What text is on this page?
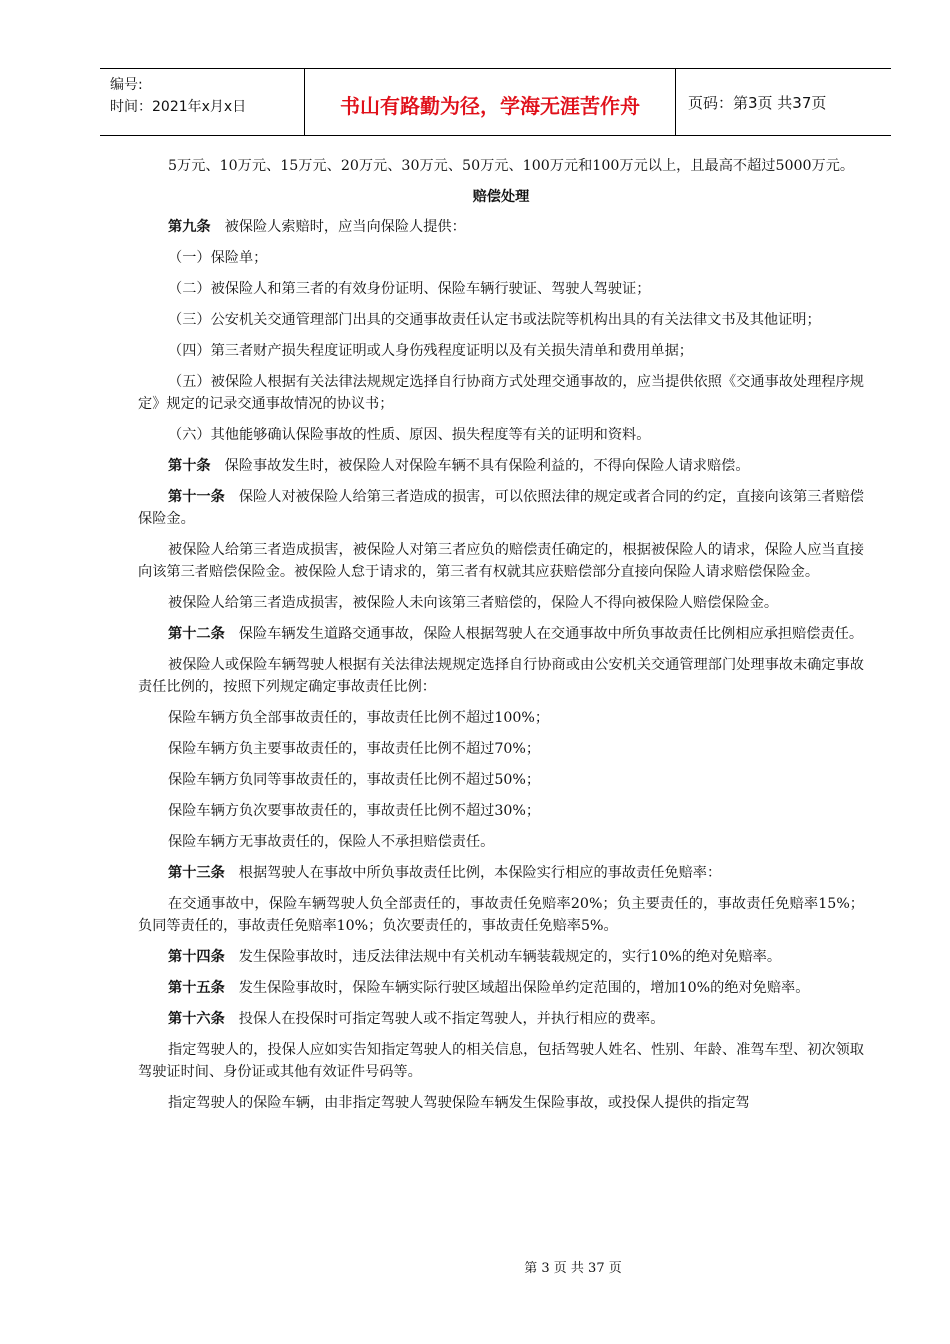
编号:
时间：2021年x月x日	书山有路勤为径，学海无涯苦作舟	页码：第3页 共37页

5万元、10万元、15万元、20万元、30万元、50万元、100万元和100万元以上，且最高不超过5000万元。

赔偿处理

第九条 被保险人索赔时，应当向保险人提供：

（一）保险单；

（二）被保险人和第三者的有效身份证明、保险车辆行驶证、驾驶人驾驶证；

（三）公安机关交通管理部门出具的交通事故责任认定书或法院等机构出具的有关法律文书及其他证明；

（四）第三者财产损失程度证明或人身伤残程度证明以及有关损失清单和费用单据；

（五）被保险人根据有关法律法规规定选择自行协商方式处理交通事故的，应当提供依照《交通事故处理程序规定》规定的记录交通事故情况的协议书；

（六）其他能够确认保险事故的性质、原因、损失程度等有关的证明和资料。

第十条 保险事故发生时，被保险人对保险车辆不具有保险利益的，不得向保险人请求赔偿。

第十一条 保险人对被保险人给第三者造成的损害，可以依照法律的规定或者合同的约定，直接向该第三者赔偿保险金。

被保险人给第三者造成损害，被保险人对第三者应负的赔偿责任确定的，根据被保险人的请求，保险人应当直接向该第三者赔偿保险金。被保险人怠于请求的，第三者有权就其应获赔偿部分直接向保险人请求赔偿保险金。

被保险人给第三者造成损害，被保险人未向该第三者赔偿的，保险人不得向被保险人赔偿保险金。

第十二条 保险车辆发生道路交通事故，保险人根据驾驶人在交通事故中所负事故责任比例相应承担赔偿责任。

被保险人或保险车辆驾驶人根据有关法律法规规定选择自行协商或由公安机关交通管理部门处理事故未确定事故责任比例的，按照下列规定确定事故责任比例：

保险车辆方负全部事故责任的，事故责任比例不超过100%；

保险车辆方负主要事故责任的，事故责任比例不超过70%；

保险车辆方负同等事故责任的，事故责任比例不超过50%；

保险车辆方负次要事故责任的，事故责任比例不超过30%；

保险车辆方无事故责任的，保险人不承担赔偿责任。

第十三条 根据驾驶人在事故中所负事故责任比例，本保险实行相应的事故责任免赔率：

在交通事故中，保险车辆驾驶人负全部责任的，事故责任免赔率20%；负主要责任的，事故责任免赔率15%；负同等责任的，事故责任免赔率10%；负次要责任的，事故责任免赔率5%。

第十四条 发生保险事故时，违反法律法规中有关机动车辆装载规定的，实行10%的绝对免赔率。

第十五条 发生保险事故时，保险车辆实际行驶区域超出保险单约定范围的，增加10%的绝对免赔率。

第十六条 投保人在投保时可指定驾驶人或不指定驾驶人，并执行相应的费率。

指定驾驶人的，投保人应如实告知指定驾驶人的相关信息，包括驾驶人姓名、性别、年龄、准驾车型、初次领取驾驶证时间、身份证或其他有效证件号码等。

指定驾驶人的保险车辆，由非指定驾驶人驾驶保险车辆发生保险事故，或投保人提供的指定驾

第 3 页 共 37 页
